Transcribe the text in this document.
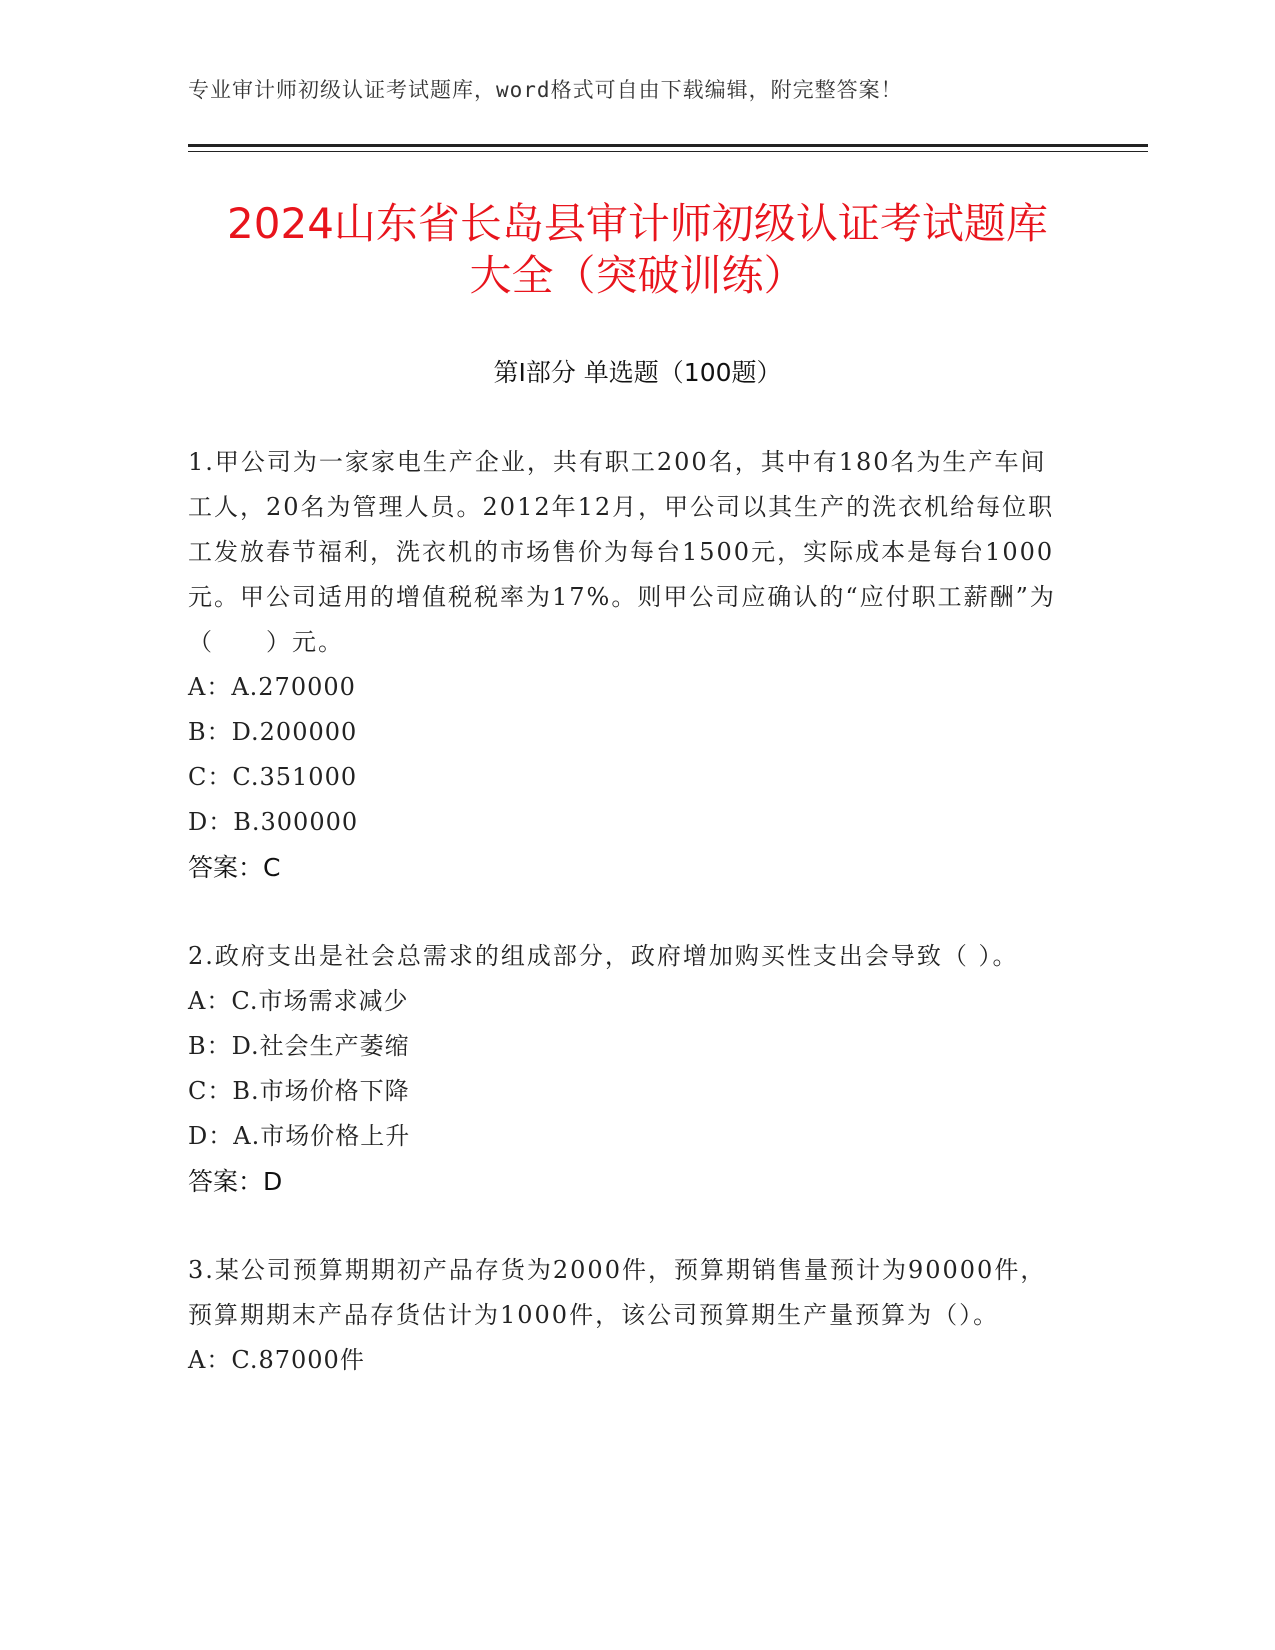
专业审计师初级认证考试题库，word格式可自由下载编辑，附完整答案！
2024山东省长岛县审计师初级认证考试题库
大全（突破训练）
第Ⅰ部分 单选题（100题）
1.甲公司为一家家电生产企业，共有职工200名，其中有180名为生产车间工人，20名为管理人员。2012年12月，甲公司以其生产的洗衣机给每位职工发放春节福利，洗衣机的市场售价为每台1500元，实际成本是每台1000元。甲公司适用的增值税税率为17%。则甲公司应确认的“应付职工薪酬”为（　　）元。
A：A.270000
B：D.200000
C：C.351000
D：B.300000
答案：C
2.政府支出是社会总需求的组成部分，政府增加购买性支出会导致（ ）。
A：C.市场需求减少
B：D.社会生产萎缩
C：B.市场价格下降
D：A.市场价格上升
答案：D
3.某公司预算期期初产品存货为2000件，预算期销售量预计为90000件，预算期期末产品存货估计为1000件，该公司预算期生产量预算为（）。
A：C.87000件
